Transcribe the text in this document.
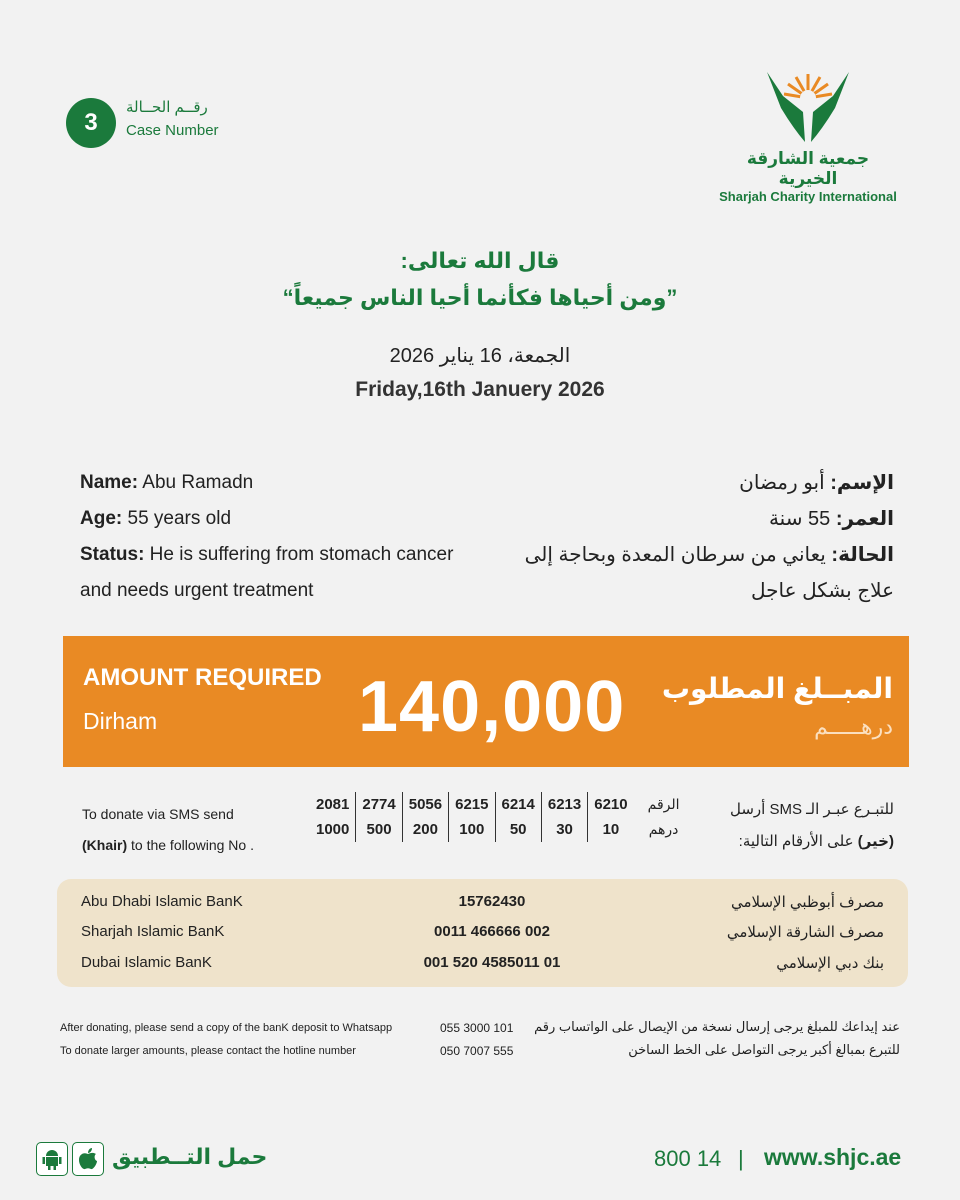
3
رقــم الحــالة
Case Number
جمعية الشارقة الخيرية
Sharjah Charity International
قال الله تعالى:
”ومن أحياها فكأنما أحيا الناس جميعاً“
الجمعة، 16 يناير 2026
Friday,16th Januery 2026
Name: Abu Ramadn
Age: 55 years old
Status: He is suffering from stomach cancer and needs urgent treatment
الإسم: أبو رمضان
العمر: 55 سنة
الحالة: يعاني من سرطان المعدة وبحاجة إلى علاج بشكل عاجل
AMOUNT REQUIRED
Dirham	140,000 المبــلغ المطلوب
درهـــــم
To donate via SMS send
(Khair) to the following No .
2081	2774	5056	6215	6214	6213	6210	الرقم
1000	500	200	100	50	30	10	درهم
للتبـرع عبـر الـ SMS أرسل
(خير) على الأرقام التالية:
Abu Dhabi Islamic BanK	15762430	مصرف أبوظبي الإسلامي
Sharjah Islamic BanK	0011 466666 002	مصرف الشارقة الإسلامي
Dubai Islamic BanK	001 520 4585011 01	بنك دبي الإسلامي
After donating, please send a copy of the banK deposit to Whatsapp	055 3000 101 عند إيداعك للمبلغ يرجى إرسال نسخة من الإيصال على الواتساب رقم
To donate larger amounts, please contact the hotline number	050 7007 555	للتبرع بمبالغ أكبر يرجى التواصل على الخط الساخن
حمل التــطبيق	800 14 | www.shjc.ae
